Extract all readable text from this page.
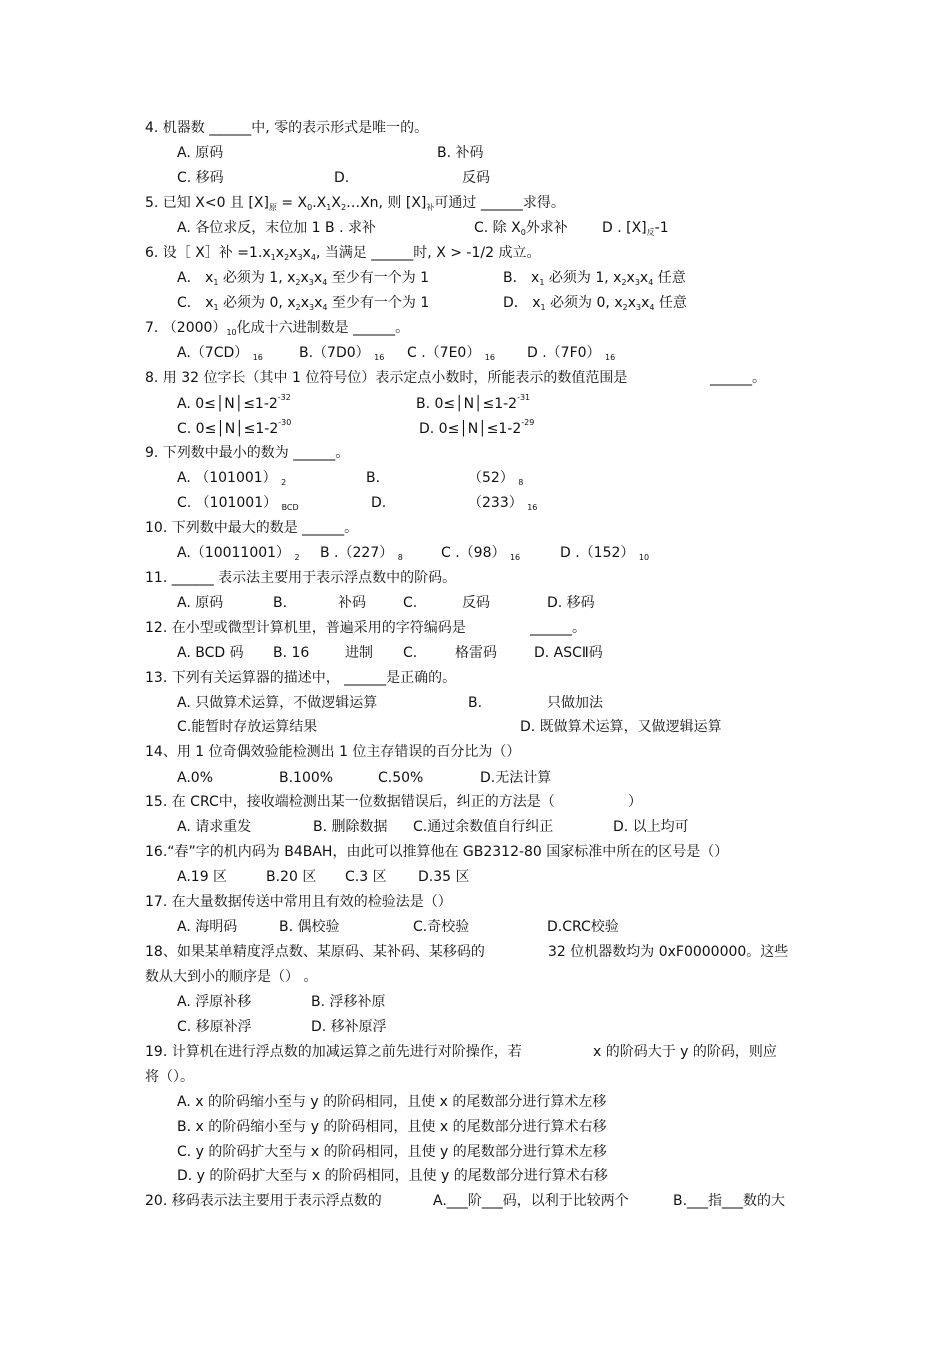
4. 机器数 ______中, 零的表示形式是唯一的。
A. 原码	B. 补码
C. 移码	D.	反码
5. 已知 X<0 且 $[X]_原$ = $X_0.X_1X_2\dots Xn$, 则 $[X]_补$可通过 ______求得。
A. 各位求反，末位加 1 B . 求补	C. 除 $X_0$外求补 D . $[X]_反-1$
6. 设［ X］补 $=1.x_1x_2x_3x_4$, 当满足 ______时, X > -1/2 成立。
A． $x_1$ 必须为 1, $x_2x_3x_4$ 至少有一个为 1	B． $x_1$ 必须为 1, $x_2x_3x_4$ 任意
C． $x_1$ 必须为 0, $x_2x_3x_4$ 至少有一个为 1	D． $x_1$ 必须为 0, $x_2x_3x_4$ 任意
7. $(2000)_{10}$化成十六进制数是 ______。
A.（7CD） $_{16}$	B.（7D0） $_{16}$ C .（7E0） $_{16}$ D .（7F0） $_{16}$
8. 用 32 位字长（其中 1 位符号位）表示定点小数时，所能表示的数值范围是	______。
A. $0\le│N│\le 1-2^{-32}$	B. $0\le│N│\le 1-2^{-31}$
C. $0\le│N│\le 1-2^{-30}$	D. $0\le│N│\le 1-2^{-29}$
9. 下列数中最小的数为 ______。
A. （101001） $_2$	B.	（52） $_8$
C. （101001） $_{BCD}$	D.	（233） $_{16}$
10. 下列数中最大的数是 ______。
A.（10011001） $_2$ B .（227） $_8$	C .（98） $_{16}$	D .（152） $_{10}$
11. ______ 表示法主要用于表示浮点数中的阶码。
A. 原码	B.	补码	C.	反码	D. 移码
12. 在小型或微型计算机里，普遍采用的字符编码是	______。
A. BCD 码 B. 16	进制 C.	格雷码	D. ASCⅡ码
13. 下列有关运算器的描述中， ______是正确的。
A. 只做算术运算，不做逻辑运算	B.	只做加法
C.能暂时存放运算结果	D. 既做算术运算，又做逻辑运算
14、用 1 位奇偶效验能检测出 1 位主存错误的百分比为（）
A.0%	B.100%	C.50%	D.无法计算
15. 在 CRC中，接收端检测出某一位数据错误后，纠正的方法是（	）
A. 请求重发	B. 删除数据 C.通过余数值自行纠正	D. 以上均可
16.“春”字的机内码为 B4BAH，由此可以推算他在 GB2312-80 国家标准中所在的区号是（）
A.19 区	B.20 区 C.3 区 D.35 区
17. 在大量数据传送中常用且有效的检验法是（）
A. 海明码	B. 偶校验	C.奇校验	D.CRC校验
18、如果某单精度浮点数、某原码、某补码、某移码的	32 位机器数均为 0xF0000000。这些
数从大到小的顺序是（） 。
A. 浮原补移	B. 浮移补原
C. 移原补浮	D. 移补原浮
19. 计算机在进行浮点数的加减运算之前先进行对阶操作，若	x 的阶码大于 y 的阶码，则应
将（）。
A. x 的阶码缩小至与 y 的阶码相同，且使 x 的尾数部分进行算术左移
B. x 的阶码缩小至与 y 的阶码相同，且使 x 的尾数部分进行算术右移
C. y 的阶码扩大至与 x 的阶码相同，且使 y 的尾数部分进行算术左移
D. y 的阶码扩大至与 x 的阶码相同，且使 y 的尾数部分进行算术右移
20. 移码表示法主要用于表示浮点数的	A.___阶___码，以利于比较两个	B.___指___数的大
